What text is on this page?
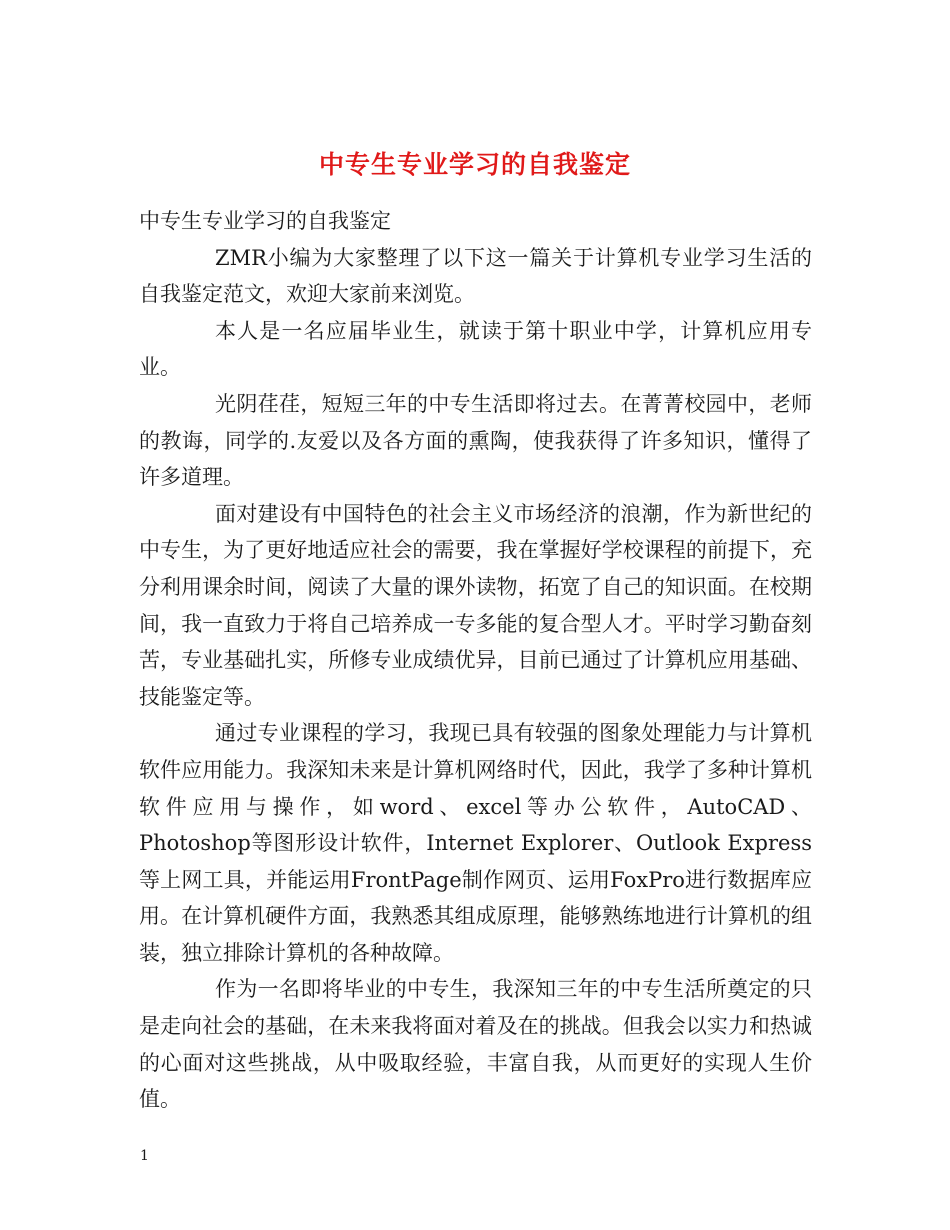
中专生专业学习的自我鉴定

中专生专业学习的自我鉴定

ZMR小编为大家整理了以下这一篇关于计算机专业学习生活的自我鉴定范文，欢迎大家前来浏览。

本人是一名应届毕业生，就读于第十职业中学，计算机应用专业。

光阴荏荏，短短三年的中专生活即将过去。在菁菁校园中，老师的教诲，同学的.友爱以及各方面的熏陶，使我获得了许多知识，懂得了许多道理。

面对建设有中国特色的社会主义市场经济的浪潮，作为新世纪的中专生，为了更好地适应社会的需要，我在掌握好学校课程的前提下，充分利用课余时间，阅读了大量的课外读物，拓宽了自己的知识面。在校期间，我一直致力于将自己培养成一专多能的复合型人才。平时学习勤奋刻苦，专业基础扎实，所修专业成绩优异，目前已通过了计算机应用基础、技能鉴定等。

通过专业课程的学习，我现已具有较强的图象处理能力与计算机软件应用能力。我深知未来是计算机网络时代，因此，我学了多种计算机软件应用与操作，如word、excel等办公软件，AutoCAD、Photoshop等图形设计软件，Internet Explorer、Outlook Express等上网工具，并能运用FrontPage制作网页、运用FoxPro进行数据库应用。在计算机硬件方面，我熟悉其组成原理，能够熟练地进行计算机的组装，独立排除计算机的各种故障。

作为一名即将毕业的中专生，我深知三年的中专生活所奠定的只是走向社会的基础，在未来我将面对着及在的挑战。但我会以实力和热诚的心面对这些挑战，从中吸取经验，丰富自我，从而更好的实现人生价值。

1
